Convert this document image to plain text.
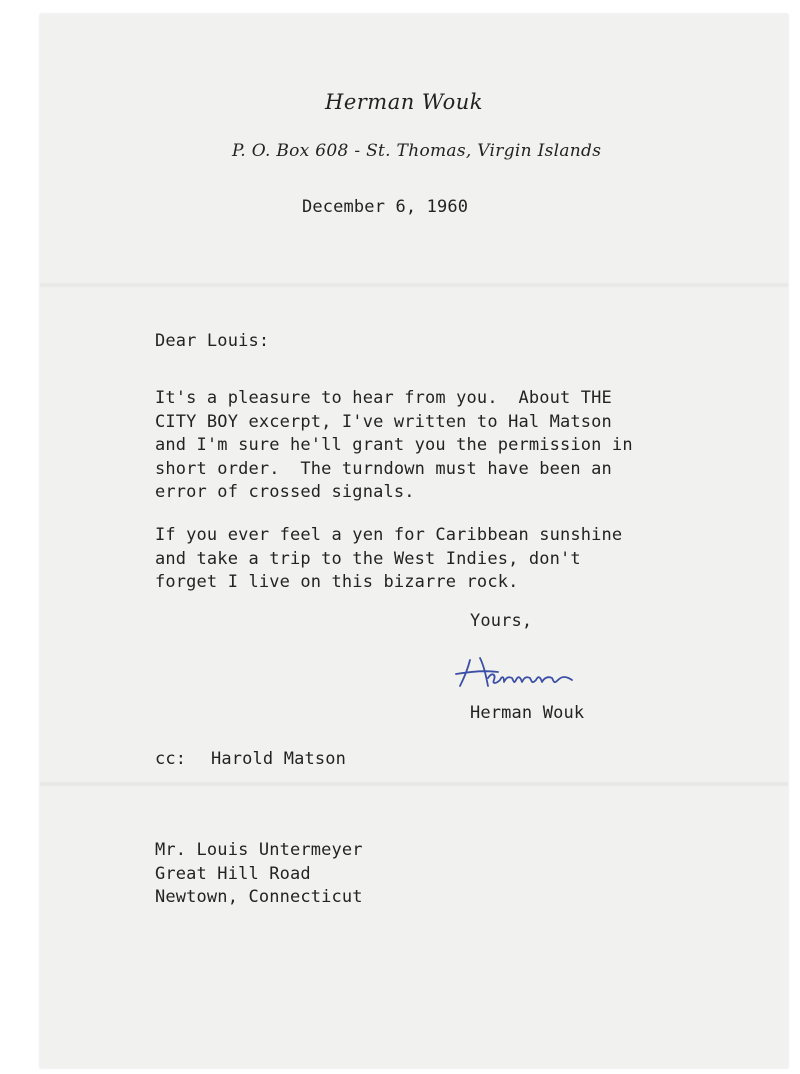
Herman Wouk
P. O. Box 608 - St. Thomas, Virgin Islands
December 6, 1960
Dear Louis:
It's a pleasure to hear from you.  About THE
CITY BOY excerpt, I've written to Hal Matson
and I'm sure he'll grant you the permission in
short order.  The turndown must have been an
error of crossed signals.
If you ever feel a yen for Caribbean sunshine
and take a trip to the West Indies, don't
forget I live on this bizarre rock.
Yours,
Herman Wouk
cc: Harold Matson
Mr. Louis Untermeyer
Great Hill Road
Newtown, Connecticut
